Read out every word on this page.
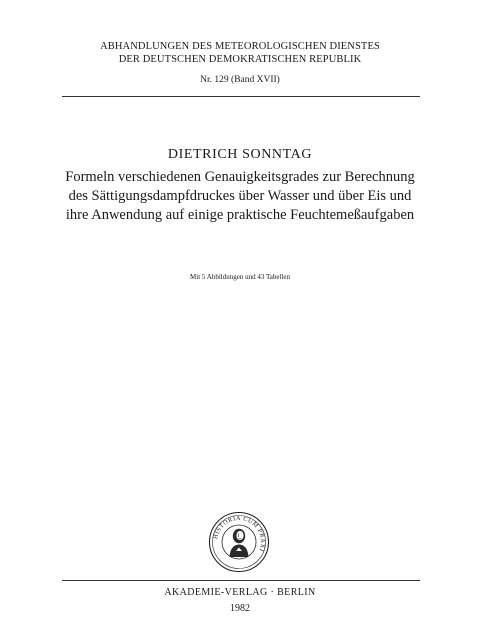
ABHANDLUNGEN DES METEOROLOGISCHEN DIENSTES
DER DEUTSCHEN DEMOKRATISCHEN REPUBLIK
Nr. 129 (Band XVII)
DIETRICH SONNTAG
Formeln verschiedenen Genauigkeitsgrades zur Berechnung
des Sättigungsdampfdruckes über Wasser und über Eis und
ihre Anwendung auf einige praktische Feuchtemeßaufgaben
Mit 5 Abbildungen und 43 Tabellen
HISTORIA CUM PRAXI
AKADEMIE-VERLAG · BERLIN
1982
